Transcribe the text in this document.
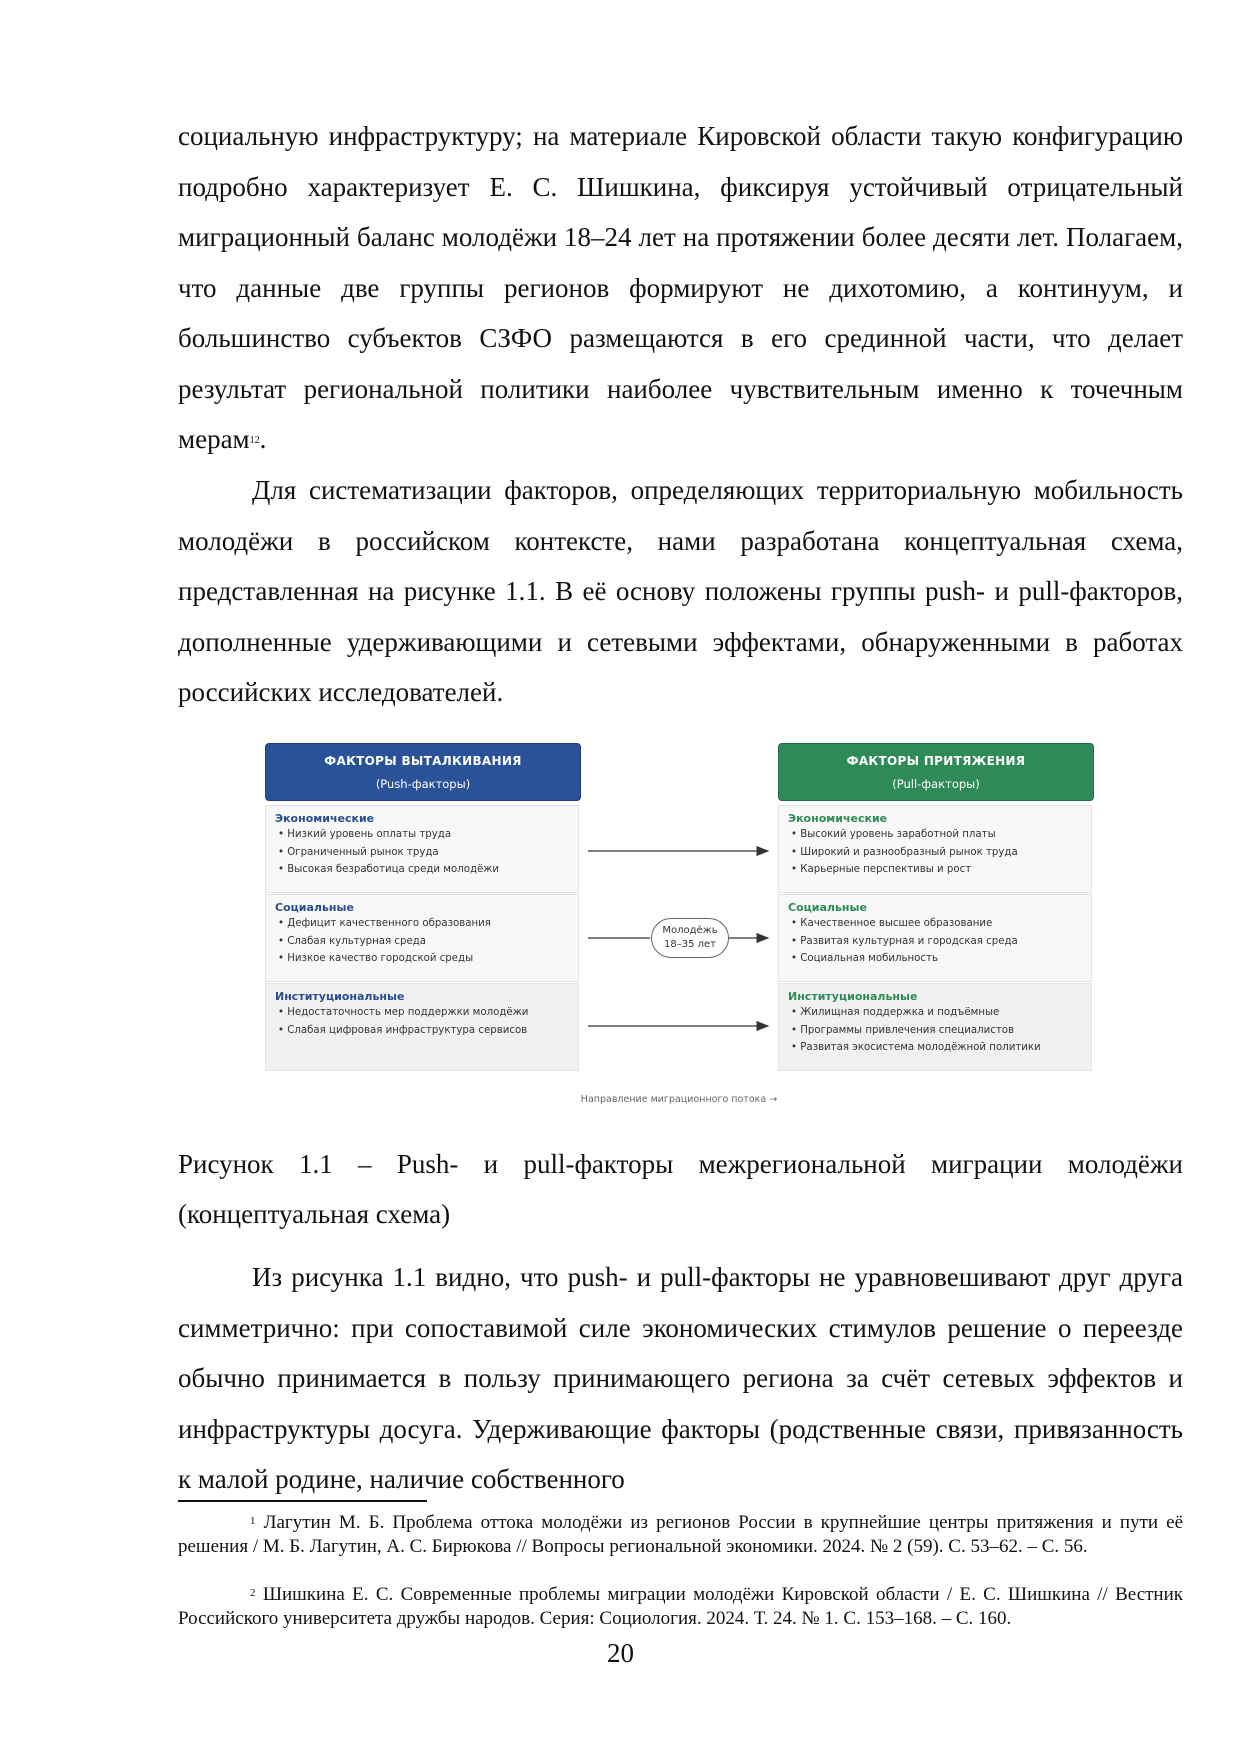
социальную инфраструктуру; на материале Кировской области такую конфигурацию подробно характеризует Е. С. Шишкина, фиксируя устойчивый отрицательный миграционный баланс молодёжи 18–24 лет на протяжении более десяти лет. Полагаем, что данные две группы регионов формируют не дихотомию, а континуум, и большинство субъектов СЗФО размещаются в его срединной части, что делает результат региональной политики наиболее чувствительным именно к точечным мерам$^{12}$.

Для систематизации факторов, определяющих территориальную мобильность молодёжи в российском контексте, нами разработана концептуальная схема, представленная на рисунке 1.1. В её основу положены группы push- и pull-факторов, дополненные удерживающими и сетевыми эффектами, обнаруженными в работах российских исследователей.

ФАКТОРЫ ВЫТАЛКИВАНИЯ
(Push-факторы)
ФАКТОРЫ ПРИТЯЖЕНИЯ
(Pull-факторы)
Экономические
• Низкий уровень оплаты труда
• Ограниченный рынок труда
• Высокая безработица среди молодёжи
Социальные
• Дефицит качественного образования
• Слабая культурная среда
• Низкое качество городской среды
Институциональные
• Недостаточность мер поддержки молодёжи
• Слабая цифровая инфраструктура сервисов
Экономические
• Высокий уровень заработной платы
• Широкий и разнообразный рынок труда
• Карьерные перспективы и рост
Социальные
• Качественное высшее образование
• Развитая культурная и городская среда
• Социальная мобильность
Институциональные
• Жилищная поддержка и подъёмные
• Программы привлечения специалистов
• Развитая экосистема молодёжной политики
Молодёжь
18–35 лет
Направление миграционного потока →

Рисунок 1.1 – Push- и pull-факторы межрегиональной миграции молодёжи (концептуальная схема)

Из рисунка 1.1 видно, что push- и pull-факторы не уравновешивают друг друга симметрично: при сопоставимой силе экономических стимулов решение о переезде обычно принимается в пользу принимающего региона за счёт сетевых эффектов и инфраструктуры досуга. Удерживающие факторы (родственные связи, привязанность к малой родине, наличие собственного

$^1$ Лагутин М. Б. Проблема оттока молодёжи из регионов России в крупнейшие центры притяжения и пути её решения / М. Б. Лагутин, А. С. Бирюкова // Вопросы региональной экономики. 2024. № 2 (59). С. 53–62. – С. 56.

$^2$ Шишкина Е. С. Современные проблемы миграции молодёжи Кировской области / Е. С. Шишкина // Вестник Российского университета дружбы народов. Серия: Социология. 2024. Т. 24. № 1. С. 153–168. – С. 160.

20
